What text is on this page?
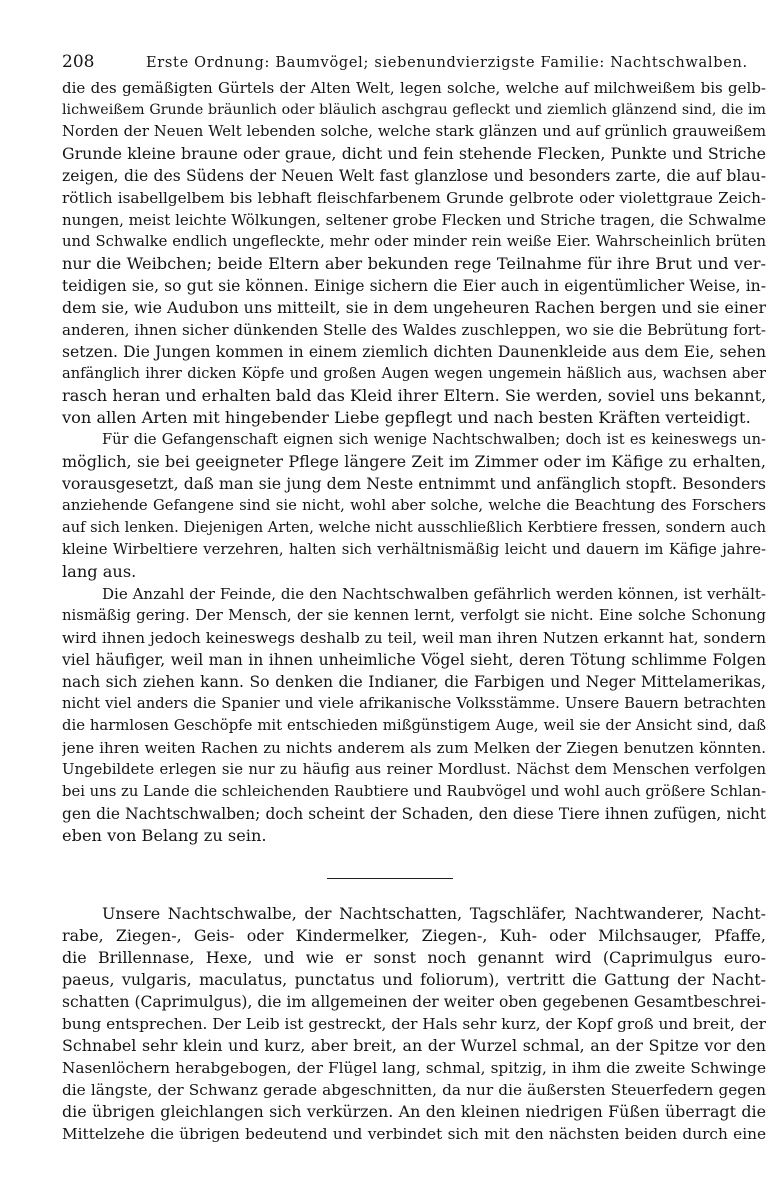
208	Erste Ordnung: Baumvögel; siebenundvierzigste Familie: Nachtschwalben.
die des gemäßigten Gürtels der Alten Welt, legen solche, welche auf milchweißem bis gelb-
lichweißem Grunde bräunlich oder bläulich aschgrau gefleckt und ziemlich glänzend sind, die im
Norden der Neuen Welt lebenden solche, welche stark glänzen und auf grünlich grauweißem
Grunde kleine braune oder graue, dicht und fein stehende Flecken, Punkte und Striche
zeigen, die des Südens der Neuen Welt fast glanzlose und besonders zarte, die auf blau-
rötlich isabellgelbem bis lebhaft fleischfarbenem Grunde gelbrote oder violettgraue Zeich-
nungen, meist leichte Wölkungen, seltener grobe Flecken und Striche tragen, die Schwalme
und Schwalke endlich ungefleckte, mehr oder minder rein weiße Eier. Wahrscheinlich brüten
nur die Weibchen; beide Eltern aber bekunden rege Teilnahme für ihre Brut und ver-
teidigen sie, so gut sie können. Einige sichern die Eier auch in eigentümlicher Weise, in-
dem sie, wie Audubon uns mitteilt, sie in dem ungeheuren Rachen bergen und sie einer
anderen, ihnen sicher dünkenden Stelle des Waldes zuschleppen, wo sie die Bebrütung fort-
setzen. Die Jungen kommen in einem ziemlich dichten Daunenkleide aus dem Eie, sehen
anfänglich ihrer dicken Köpfe und großen Augen wegen ungemein häßlich aus, wachsen aber
rasch heran und erhalten bald das Kleid ihrer Eltern. Sie werden, soviel uns bekannt,
von allen Arten mit hingebender Liebe gepflegt und nach besten Kräften verteidigt.
Für die Gefangenschaft eignen sich wenige Nachtschwalben; doch ist es keineswegs un-
möglich, sie bei geeigneter Pflege längere Zeit im Zimmer oder im Käfige zu erhalten,
vorausgesetzt, daß man sie jung dem Neste entnimmt und anfänglich stopft. Besonders
anziehende Gefangene sind sie nicht, wohl aber solche, welche die Beachtung des Forschers
auf sich lenken. Diejenigen Arten, welche nicht ausschließlich Kerbtiere fressen, sondern auch
kleine Wirbeltiere verzehren, halten sich verhältnismäßig leicht und dauern im Käfige jahre-
lang aus.
Die Anzahl der Feinde, die den Nachtschwalben gefährlich werden können, ist verhält-
nismäßig gering. Der Mensch, der sie kennen lernt, verfolgt sie nicht. Eine solche Schonung
wird ihnen jedoch keineswegs deshalb zu teil, weil man ihren Nutzen erkannt hat, sondern
viel häufiger, weil man in ihnen unheimliche Vögel sieht, deren Tötung schlimme Folgen
nach sich ziehen kann. So denken die Indianer, die Farbigen und Neger Mittelamerikas,
nicht viel anders die Spanier und viele afrikanische Volksstämme. Unsere Bauern betrachten
die harmlosen Geschöpfe mit entschieden mißgünstigem Auge, weil sie der Ansicht sind, daß
jene ihren weiten Rachen zu nichts anderem als zum Melken der Ziegen benutzen könnten.
Ungebildete erlegen sie nur zu häufig aus reiner Mordlust. Nächst dem Menschen verfolgen
bei uns zu Lande die schleichenden Raubtiere und Raubvögel und wohl auch größere Schlan-
gen die Nachtschwalben; doch scheint der Schaden, den diese Tiere ihnen zufügen, nicht
eben von Belang zu sein.
Unsere Nachtschwalbe, der Nachtschatten, Tagschläfer, Nachtwanderer, Nacht-
rabe, Ziegen-, Geis- oder Kindermelker, Ziegen-, Kuh- oder Milchsauger, Pfaffe,
die Brillennase, Hexe, und wie er sonst noch genannt wird (Caprimulgus euro-
paeus, vulgaris, maculatus, punctatus und foliorum), vertritt die Gattung der Nacht-
schatten (Caprimulgus), die im allgemeinen der weiter oben gegebenen Gesamtbeschrei-
bung entsprechen. Der Leib ist gestreckt, der Hals sehr kurz, der Kopf groß und breit, der
Schnabel sehr klein und kurz, aber breit, an der Wurzel schmal, an der Spitze vor den
Nasenlöchern herabgebogen, der Flügel lang, schmal, spitzig, in ihm die zweite Schwinge
die längste, der Schwanz gerade abgeschnitten, da nur die äußersten Steuerfedern gegen
die übrigen gleichlangen sich verkürzen. An den kleinen niedrigen Füßen überragt die
Mittelzehe die übrigen bedeutend und verbindet sich mit den nächsten beiden durch eine
